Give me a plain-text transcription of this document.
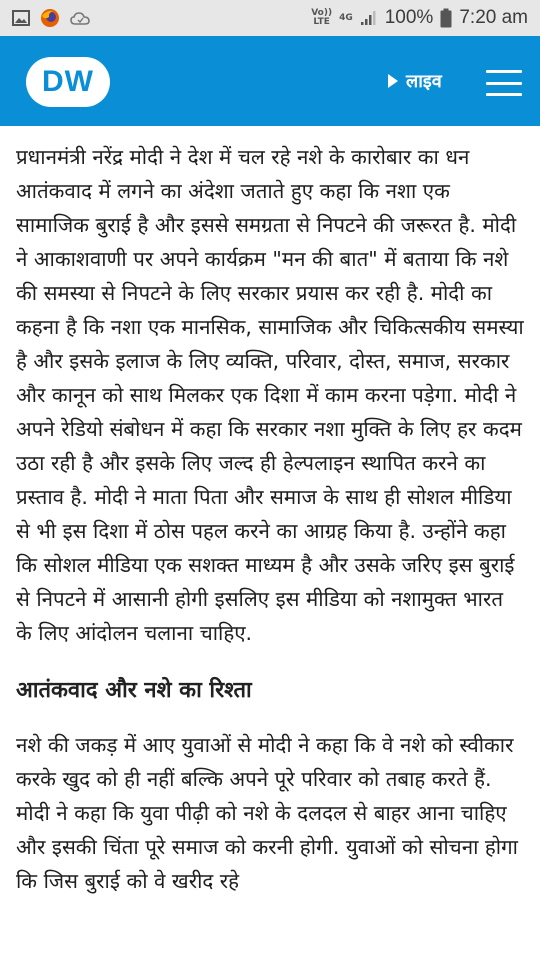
Vo))
LTE 4G 100% 7:20 am
DW	लाइव

प्रधानमंत्री नरेंद्र मोदी ने देश में चल रहे नशे के कारोबार का धन आतंकवाद में लगने का अंदेशा जताते हुए कहा कि नशा एक सामाजिक बुराई है और इससे समग्रता से निपटने की जरूरत है. मोदी ने आकाशवाणी पर अपने कार्यक्रम "मन की बात" में बताया कि नशे की समस्या से निपटने के लिए सरकार प्रयास कर रही है. मोदी का कहना है कि नशा एक मानसिक, सामाजिक और चिकित्सकीय समस्या है और इसके इलाज के लिए व्यक्ति, परिवार, दोस्त, समाज, सरकार और कानून को साथ मिलकर एक दिशा में काम करना पड़ेगा. मोदी ने अपने रेडियो संबोधन में कहा कि सरकार नशा मुक्ति के लिए हर कदम उठा रही है और इसके लिए जल्द ही हेल्पलाइन स्थापित करने का प्रस्ताव है. मोदी ने माता पिता और समाज के साथ ही सोशल मीडिया से भी इस दिशा में ठोस पहल करने का आग्रह किया है. उन्होंने कहा कि सोशल मीडिया एक सशक्त माध्यम है और उसके जरिए इस बुराई से निपटने में आसानी होगी इसलिए इस मीडिया को नशामुक्त भारत के लिए आंदोलन चलाना चाहिए.

आतंकवाद और नशे का रिश्ता

नशे की जकड़ में आए युवाओं से मोदी ने कहा कि वे नशे को स्वीकार करके खुद को ही नहीं बल्कि अपने पूरे परिवार को तबाह करते हैं. मोदी ने कहा कि युवा पीढ़ी को नशे के दलदल से बाहर आना चाहिए और इसकी चिंता पूरे समाज को करनी होगी. युवाओं को सोचना होगा कि जिस बुराई को वे खरीद रहे
